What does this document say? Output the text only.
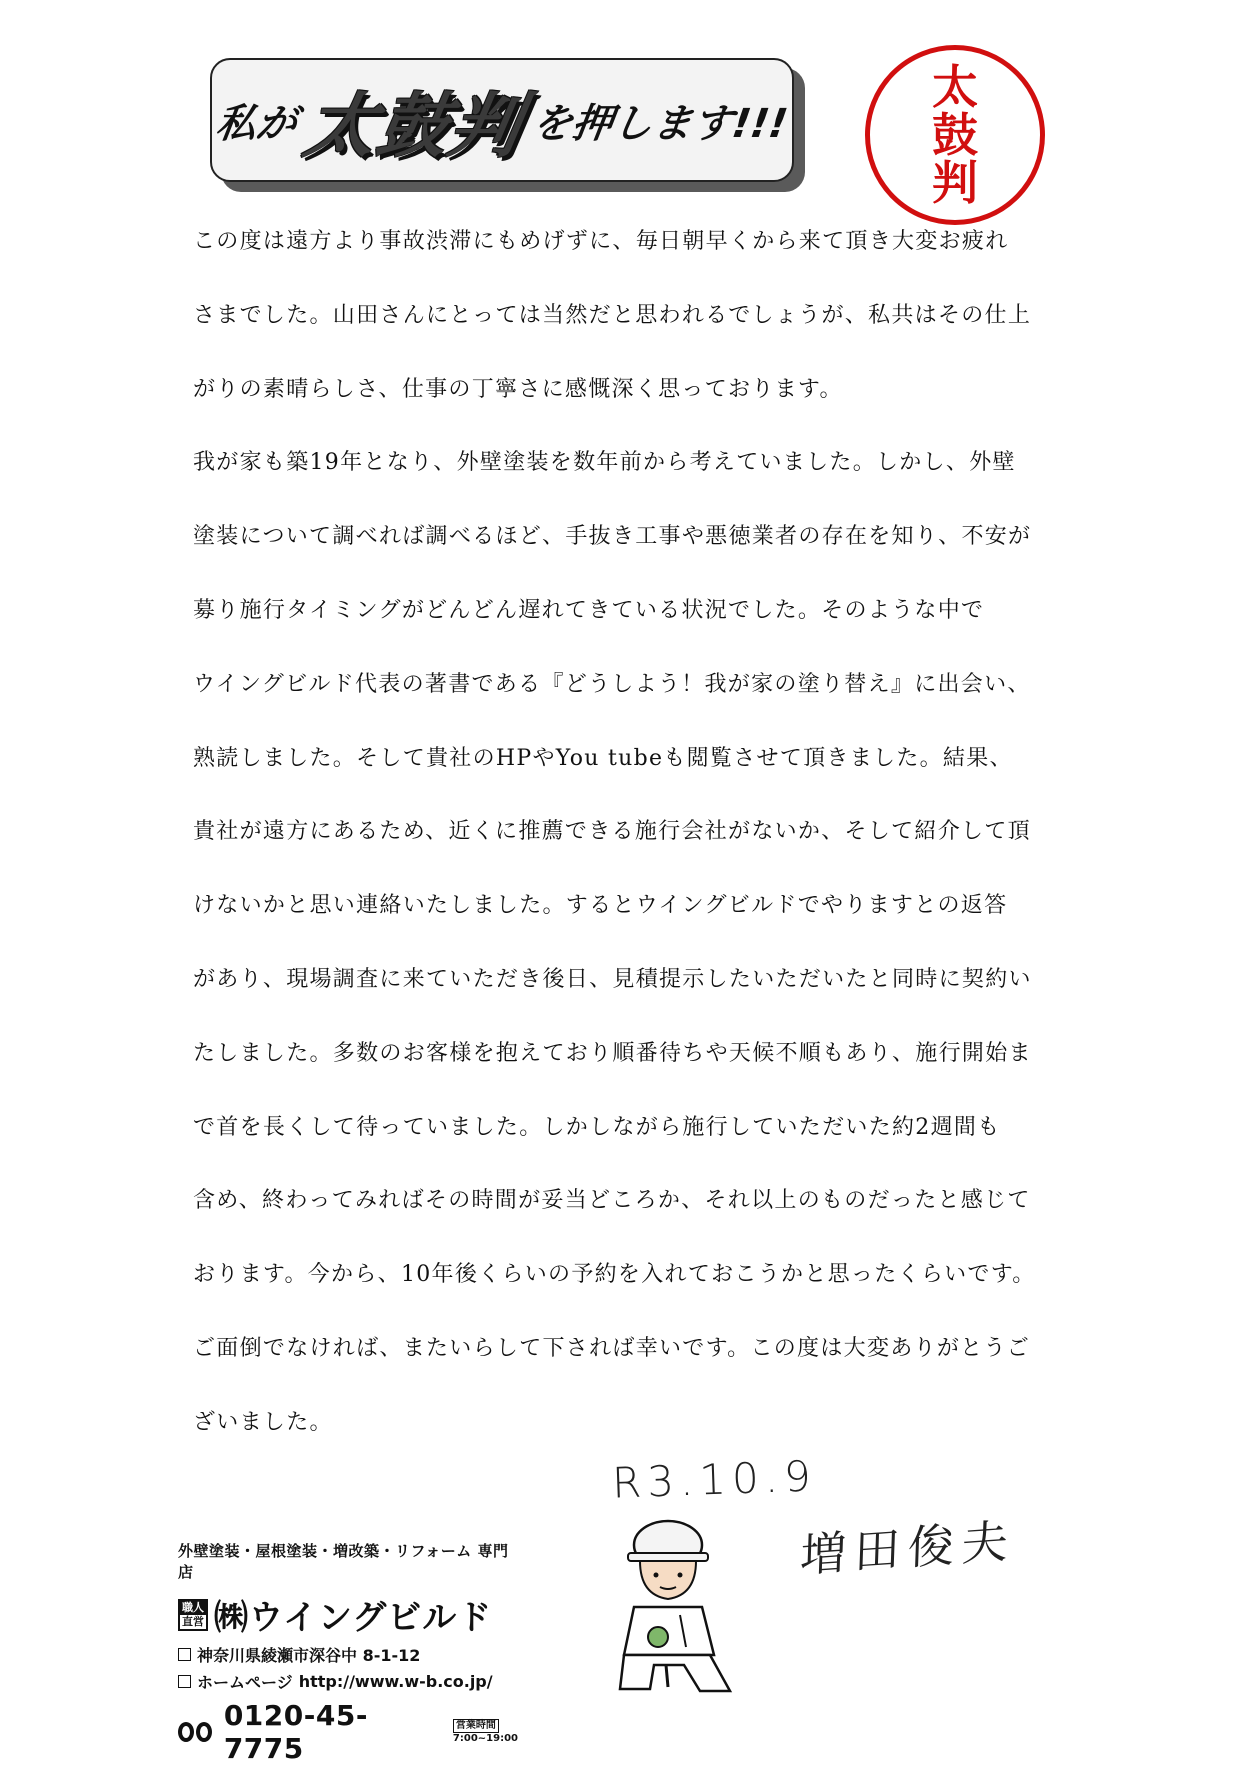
私が 太鼓判 を押します!!!
太
鼓
判
この度は遠方より事故渋滞にもめげずに、毎日朝早くから来て頂き大変お疲れ
さまでした。山田さんにとっては当然だと思われるでしょうが、私共はその仕上
がりの素晴らしさ、仕事の丁寧さに感慨深く思っております。
我が家も築19年となり、外壁塗装を数年前から考えていました。しかし、外壁
塗装について調べれば調べるほど、手抜き工事や悪徳業者の存在を知り、不安が
募り施行タイミングがどんどん遅れてきている状況でした。そのような中で
ウイングビルド代表の著書である『どうしよう！我が家の塗り替え』に出会い、
熟読しました。そして貴社のHPやYou tubeも閲覧させて頂きました。結果、
貴社が遠方にあるため、近くに推薦できる施行会社がないか、そして紹介して頂
けないかと思い連絡いたしました。するとウイングビルドでやりますとの返答
があり、現場調査に来ていただき後日、見積提示したいただいたと同時に契約い
たしました。多数のお客様を抱えており順番待ちや天候不順もあり、施行開始ま
で首を長くして待っていました。しかしながら施行していただいた約2週間も
含め、終わってみればその時間が妥当どころか、それ以上のものだったと感じて
おります。今から、10年後くらいの予約を入れておこうかと思ったくらいです。
ご面倒でなければ、またいらして下されば幸いです。この度は大変ありがとうご
ざいました。
R3.10.9
増田俊夫
外壁塗装・屋根塗装・増改築・リフォーム 専門店
職人
直営 ㈱ウイングビルド
神奈川県綾瀬市深谷中 8-1-12
ホームページ http://www.w-b.co.jp/
0120-45-7775
営業時間
7:00~19:00
